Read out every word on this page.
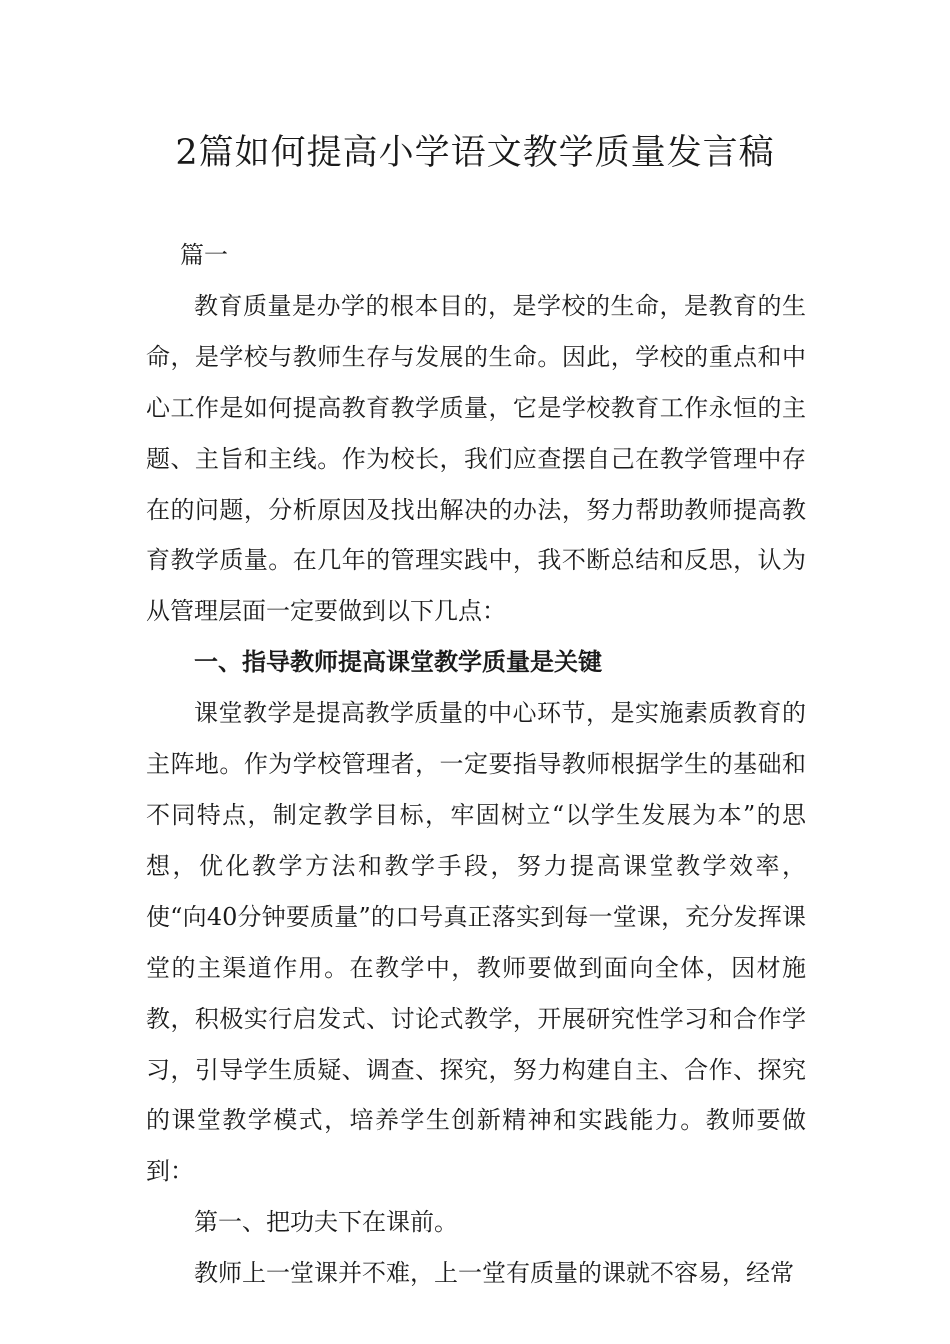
2篇如何提高小学语文教学质量发言稿

篇一

教育质量是办学的根本目的，是学校的生命，是教育的生命，是学校与教师生存与发展的生命。因此，学校的重点和中心工作是如何提高教育教学质量，它是学校教育工作永恒的主题、主旨和主线。作为校长，我们应查摆自己在教学管理中存在的问题，分析原因及找出解决的办法，努力帮助教师提高教育教学质量。在几年的管理实践中，我不断总结和反思，认为从管理层面一定要做到以下几点：

一、指导教师提高课堂教学质量是关键

课堂教学是提高教学质量的中心环节，是实施素质教育的主阵地。作为学校管理者，一定要指导教师根据学生的基础和不同特点，制定教学目标，牢固树立“以学生发展为本”的思想，优化教学方法和教学手段，努力提高课堂教学效率，使“向40分钟要质量”的口号真正落实到每一堂课，充分发挥课堂的主渠道作用。在教学中，教师要做到面向全体，因材施教，积极实行启发式、讨论式教学，开展研究性学习和合作学习，引导学生质疑、调查、探究，努力构建自主、合作、探究的课堂教学模式，培养学生创新精神和实践能力。教师要做到：

第一、把功夫下在课前。

教师上一堂课并不难，上一堂有质量的课就不容易，经常
